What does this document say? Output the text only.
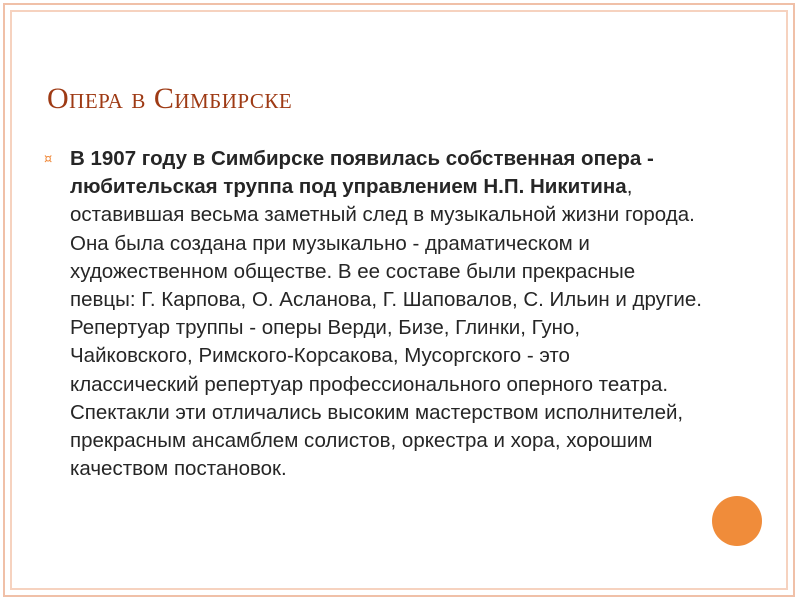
Опера в Симбирске
¤ В 1907 году в Симбирске появилась собственная опера - любительская труппа под управлением Н.П. Никитина, оставившая весьма заметный след в музыкальной жизни города. Она была создана при музыкально - драматическом и художественном обществе. В ее составе были прекрасные певцы: Г. Карпова, О. Асланова, Г. Шаповалов, С. Ильин и другие. Репертуар труппы - оперы Верди, Бизе, Глинки, Гуно, Чайковского, Римского-Корсакова, Мусоргского - это классический репертуар профессионального оперного театра. Спектакли эти отличались высоким мастерством исполнителей, прекрасным ансамблем солистов, оркестра и хора, хорошим качеством постановок.
